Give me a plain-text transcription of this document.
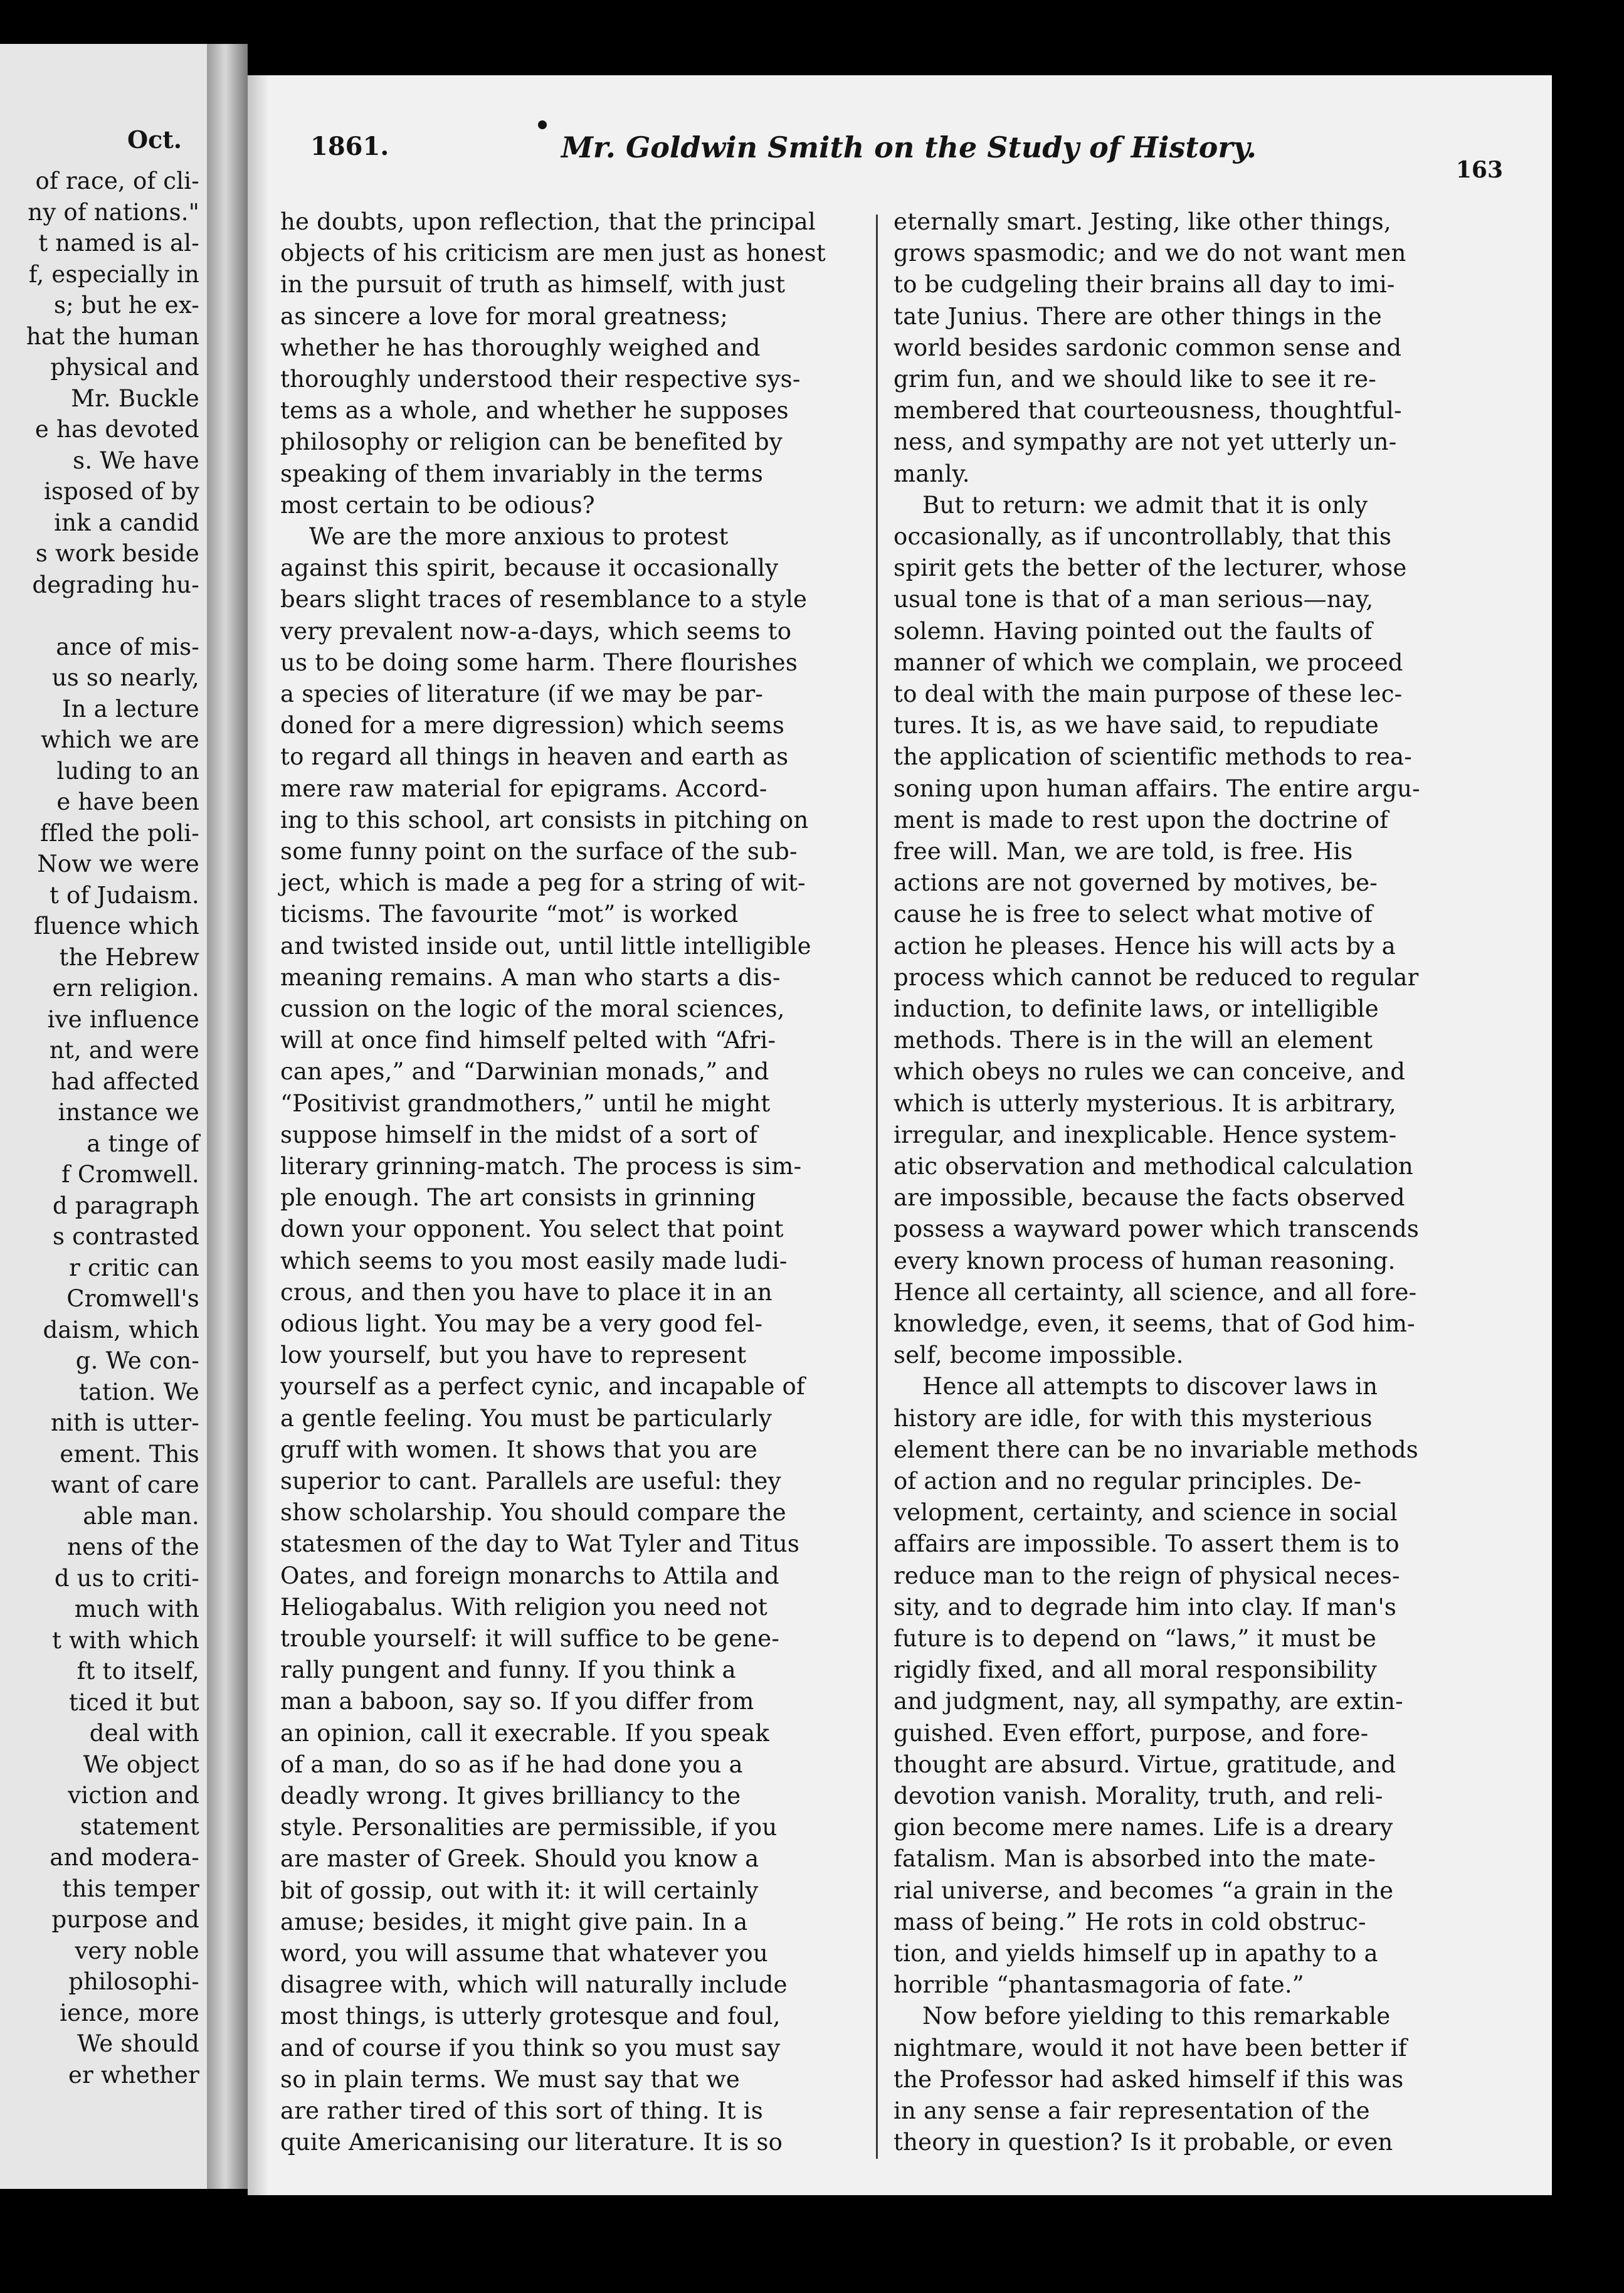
Oct.
of race, of cli-
ny of nations."
t named is al-
f, especially in
s; but he ex-
hat the human
physical and
Mr. Buckle
e has devoted
s. We have
isposed of by
ink a candid
s work beside
degrading hu-
ance of mis-
us so nearly,
In a lecture
which we are
luding to an
e have been
ffled the poli-
Now we were
t of Judaism.
fluence which
the Hebrew
ern religion.
ive influence
nt, and were
had affected
instance we
a tinge of
f Cromwell.
d paragraph
s contrasted
r critic can
Cromwell's
daism, which
g. We con-
tation. We
nith is utter-
ement. This
want of care
able man.
nens of the
d us to criti-
much with
t with which
ft to itself,
ticed it but
deal with
We object
viction and
statement
and modera-
this temper
purpose and
very noble
philosophi-
ience, more
We should
er whether
1861.	Mr. Goldwin Smith on the Study of History.
163
he doubts, upon reflection, that the principal
objects of his criticism are men just as honest
in the pursuit of truth as himself, with just
as sincere a love for moral greatness;
whether he has thoroughly weighed and
thoroughly understood their respective sys-
tems as a whole, and whether he supposes
philosophy or religion can be benefited by
speaking of them invariably in the terms
most certain to be odious?
We are the more anxious to protest
against this spirit, because it occasionally
bears slight traces of resemblance to a style
very prevalent now-a-days, which seems to
us to be doing some harm. There flourishes
a species of literature (if we may be par-
doned for a mere digression) which seems
to regard all things in heaven and earth as
mere raw material for epigrams. Accord-
ing to this school, art consists in pitching on
some funny point on the surface of the sub-
ject, which is made a peg for a string of wit-
ticisms. The favourite “mot” is worked
and twisted inside out, until little intelligible
meaning remains. A man who starts a dis-
cussion on the logic of the moral sciences,
will at once find himself pelted with “Afri-
can apes,” and “Darwinian monads,” and
“Positivist grandmothers,” until he might
suppose himself in the midst of a sort of
literary grinning-match. The process is sim-
ple enough. The art consists in grinning
down your opponent. You select that point
which seems to you most easily made ludi-
crous, and then you have to place it in an
odious light. You may be a very good fel-
low yourself, but you have to represent
yourself as a perfect cynic, and incapable of
a gentle feeling. You must be particularly
gruff with women. It shows that you are
superior to cant. Parallels are useful: they
show scholarship. You should compare the
statesmen of the day to Wat Tyler and Titus
Oates, and foreign monarchs to Attila and
Heliogabalus. With religion you need not
trouble yourself: it will suffice to be gene-
rally pungent and funny. If you think a
man a baboon, say so. If you differ from
an opinion, call it execrable. If you speak
of a man, do so as if he had done you a
deadly wrong. It gives brilliancy to the
style. Personalities are permissible, if you
are master of Greek. Should you know a
bit of gossip, out with it: it will certainly
amuse; besides, it might give pain. In a
word, you will assume that whatever you
disagree with, which will naturally include
most things, is utterly grotesque and foul,
and of course if you think so you must say
so in plain terms. We must say that we
are rather tired of this sort of thing. It is
quite Americanising our literature. It is so
eternally smart. Jesting, like other things,
grows spasmodic; and we do not want men
to be cudgeling their brains all day to imi-
tate Junius. There are other things in the
world besides sardonic common sense and
grim fun, and we should like to see it re-
membered that courteousness, thoughtful-
ness, and sympathy are not yet utterly un-
manly.
But to return: we admit that it is only
occasionally, as if uncontrollably, that this
spirit gets the better of the lecturer, whose
usual tone is that of a man serious—nay,
solemn. Having pointed out the faults of
manner of which we complain, we proceed
to deal with the main purpose of these lec-
tures. It is, as we have said, to repudiate
the application of scientific methods to rea-
soning upon human affairs. The entire argu-
ment is made to rest upon the doctrine of
free will. Man, we are told, is free. His
actions are not governed by motives, be-
cause he is free to select what motive of
action he pleases. Hence his will acts by a
process which cannot be reduced to regular
induction, to definite laws, or intelligible
methods. There is in the will an element
which obeys no rules we can conceive, and
which is utterly mysterious. It is arbitrary,
irregular, and inexplicable. Hence system-
atic observation and methodical calculation
are impossible, because the facts observed
possess a wayward power which transcends
every known process of human reasoning.
Hence all certainty, all science, and all fore-
knowledge, even, it seems, that of God him-
self, become impossible.
Hence all attempts to discover laws in
history are idle, for with this mysterious
element there can be no invariable methods
of action and no regular principles. De-
velopment, certainty, and science in social
affairs are impossible. To assert them is to
reduce man to the reign of physical neces-
sity, and to degrade him into clay. If man's
future is to depend on “laws,” it must be
rigidly fixed, and all moral responsibility
and judgment, nay, all sympathy, are extin-
guished. Even effort, purpose, and fore-
thought are absurd. Virtue, gratitude, and
devotion vanish. Morality, truth, and reli-
gion become mere names. Life is a dreary
fatalism. Man is absorbed into the mate-
rial universe, and becomes “a grain in the
mass of being.” He rots in cold obstruc-
tion, and yields himself up in apathy to a
horrible “phantasmagoria of fate.”
Now before yielding to this remarkable
nightmare, would it not have been better if
the Professor had asked himself if this was
in any sense a fair representation of the
theory in question? Is it probable, or even
